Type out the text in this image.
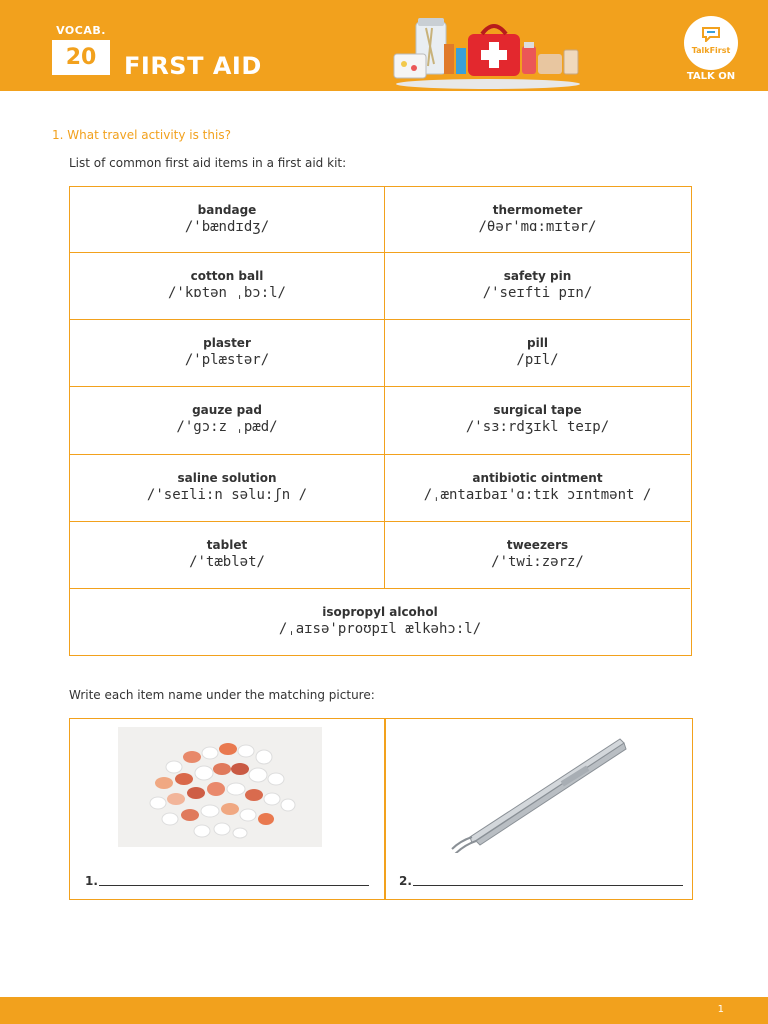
VOCAB.
20	FIRST AID
TalkFirst
TALK ON
1. What travel activity is this?
List of common first aid items in a first aid kit:
bandage
/'bændɪdʒ/
thermometer
/θər'mɑ:mɪtər/
cotton ball
/'kɒtən ˌbɔ:l/
safety pin
/'seɪfti pɪn/
plaster
/'plæstər/
pill
/pɪl/
gauze pad
/'gɔ:z ˌpæd/
surgical tape
/'sɜ:rdʒɪkl teɪp/
saline solution
/'seɪli:n səlu:ʃn /
antibiotic ointment
/ˌæntaɪbaɪ'ɑ:tɪk ɔɪntmənt /
tablet
/'tæblət/
tweezers
/'twi:zərz/
isopropyl alcohol
/ˌaɪsə'proʊpɪl ælkəhɔ:l/
Write each item name under the matching picture:
1.	2.
1
